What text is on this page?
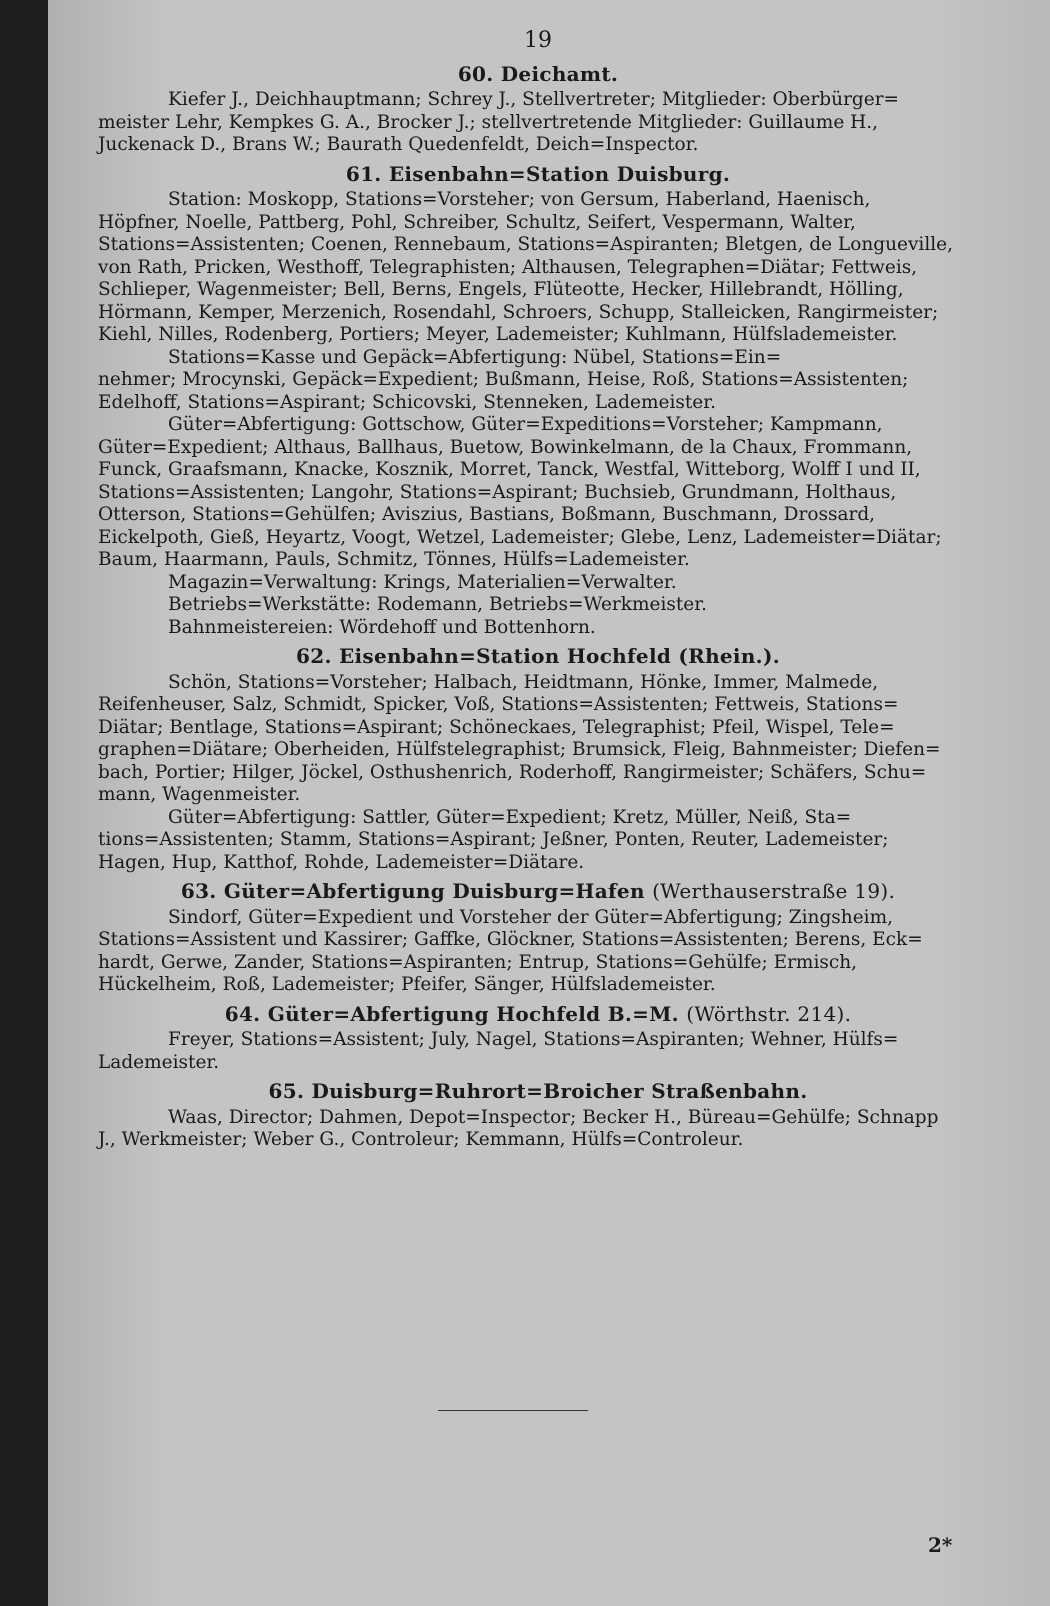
19
60. Deichamt.
Kiefer J., Deichhauptmann; Schrey J., Stellvertreter; Mitglieder: Oberbürger=
meister Lehr, Kempkes G. A., Brocker J.; stellvertretende Mitglieder: Guillaume H.,
Juckenack D., Brans W.; Baurath Quedenfeldt, Deich=Inspector.
61. Eisenbahn=Station Duisburg.
Station: Moskopp, Stations=Vorsteher; von Gersum, Haberland, Haenisch,
Höpfner, Noelle, Pattberg, Pohl, Schreiber, Schultz, Seifert, Vespermann, Walter,
Stations=Assistenten; Coenen, Rennebaum, Stations=Aspiranten; Bletgen, de Longueville,
von Rath, Pricken, Westhoff, Telegraphisten; Althausen, Telegraphen=Diätar; Fettweis,
Schlieper, Wagenmeister; Bell, Berns, Engels, Flüteotte, Hecker, Hillebrandt, Hölling,
Hörmann, Kemper, Merzenich, Rosendahl, Schroers, Schupp, Stalleicken, Rangirmeister;
Kiehl, Nilles, Rodenberg, Portiers; Meyer, Lademeister; Kuhlmann, Hülfslademeister.
Stations=Kasse und Gepäck=Abfertigung: Nübel, Stations=Ein=
nehmer; Mrocynski, Gepäck=Expedient; Bußmann, Heise, Roß, Stations=Assistenten;
Edelhoff, Stations=Aspirant; Schicovski, Stenneken, Lademeister.
Güter=Abfertigung: Gottschow, Güter=Expeditions=Vorsteher; Kampmann,
Güter=Expedient; Althaus, Ballhaus, Buetow, Bowinkelmann, de la Chaux, Frommann,
Funck, Graafsmann, Knacke, Kosznik, Morret, Tanck, Westfal, Witteborg, Wolff I und II,
Stations=Assistenten; Langohr, Stations=Aspirant; Buchsieb, Grundmann, Holthaus,
Otterson, Stations=Gehülfen; Aviszius, Bastians, Boßmann, Buschmann, Drossard,
Eickelpoth, Gieß, Heyartz, Voogt, Wetzel, Lademeister; Glebe, Lenz, Lademeister=Diätar;
Baum, Haarmann, Pauls, Schmitz, Tönnes, Hülfs=Lademeister.
Magazin=Verwaltung: Krings, Materialien=Verwalter.
Betriebs=Werkstätte: Rodemann, Betriebs=Werkmeister.
Bahnmeistereien: Wördehoff und Bottenhorn.
62. Eisenbahn=Station Hochfeld (Rhein.).
Schön, Stations=Vorsteher; Halbach, Heidtmann, Hönke, Immer, Malmede,
Reifenheuser, Salz, Schmidt, Spicker, Voß, Stations=Assistenten; Fettweis, Stations=
Diätar; Bentlage, Stations=Aspirant; Schöneckaes, Telegraphist; Pfeil, Wispel, Tele=
graphen=Diätare; Oberheiden, Hülfstelegraphist; Brumsick, Fleig, Bahnmeister; Diefen=
bach, Portier; Hilger, Jöckel, Osthushenrich, Roderhoff, Rangirmeister; Schäfers, Schu=
mann, Wagenmeister.
Güter=Abfertigung: Sattler, Güter=Expedient; Kretz, Müller, Neiß, Sta=
tions=Assistenten; Stamm, Stations=Aspirant; Jeßner, Ponten, Reuter, Lademeister;
Hagen, Hup, Katthof, Rohde, Lademeister=Diätare.
63. Güter=Abfertigung Duisburg=Hafen (Werthauserstraße 19).
Sindorf, Güter=Expedient und Vorsteher der Güter=Abfertigung; Zingsheim,
Stations=Assistent und Kassirer; Gaffke, Glöckner, Stations=Assistenten; Berens, Eck=
hardt, Gerwe, Zander, Stations=Aspiranten; Entrup, Stations=Gehülfe; Ermisch,
Hückelheim, Roß, Lademeister; Pfeifer, Sänger, Hülfslademeister.
64. Güter=Abfertigung Hochfeld B.=M. (Wörthstr. 214).
Freyer, Stations=Assistent; July, Nagel, Stations=Aspiranten; Wehner, Hülfs=
Lademeister.
65. Duisburg=Ruhrort=Broicher Straßenbahn.
Waas, Director; Dahmen, Depot=Inspector; Becker H., Büreau=Gehülfe; Schnapp
J., Werkmeister; Weber G., Controleur; Kemmann, Hülfs=Controleur.
2*
